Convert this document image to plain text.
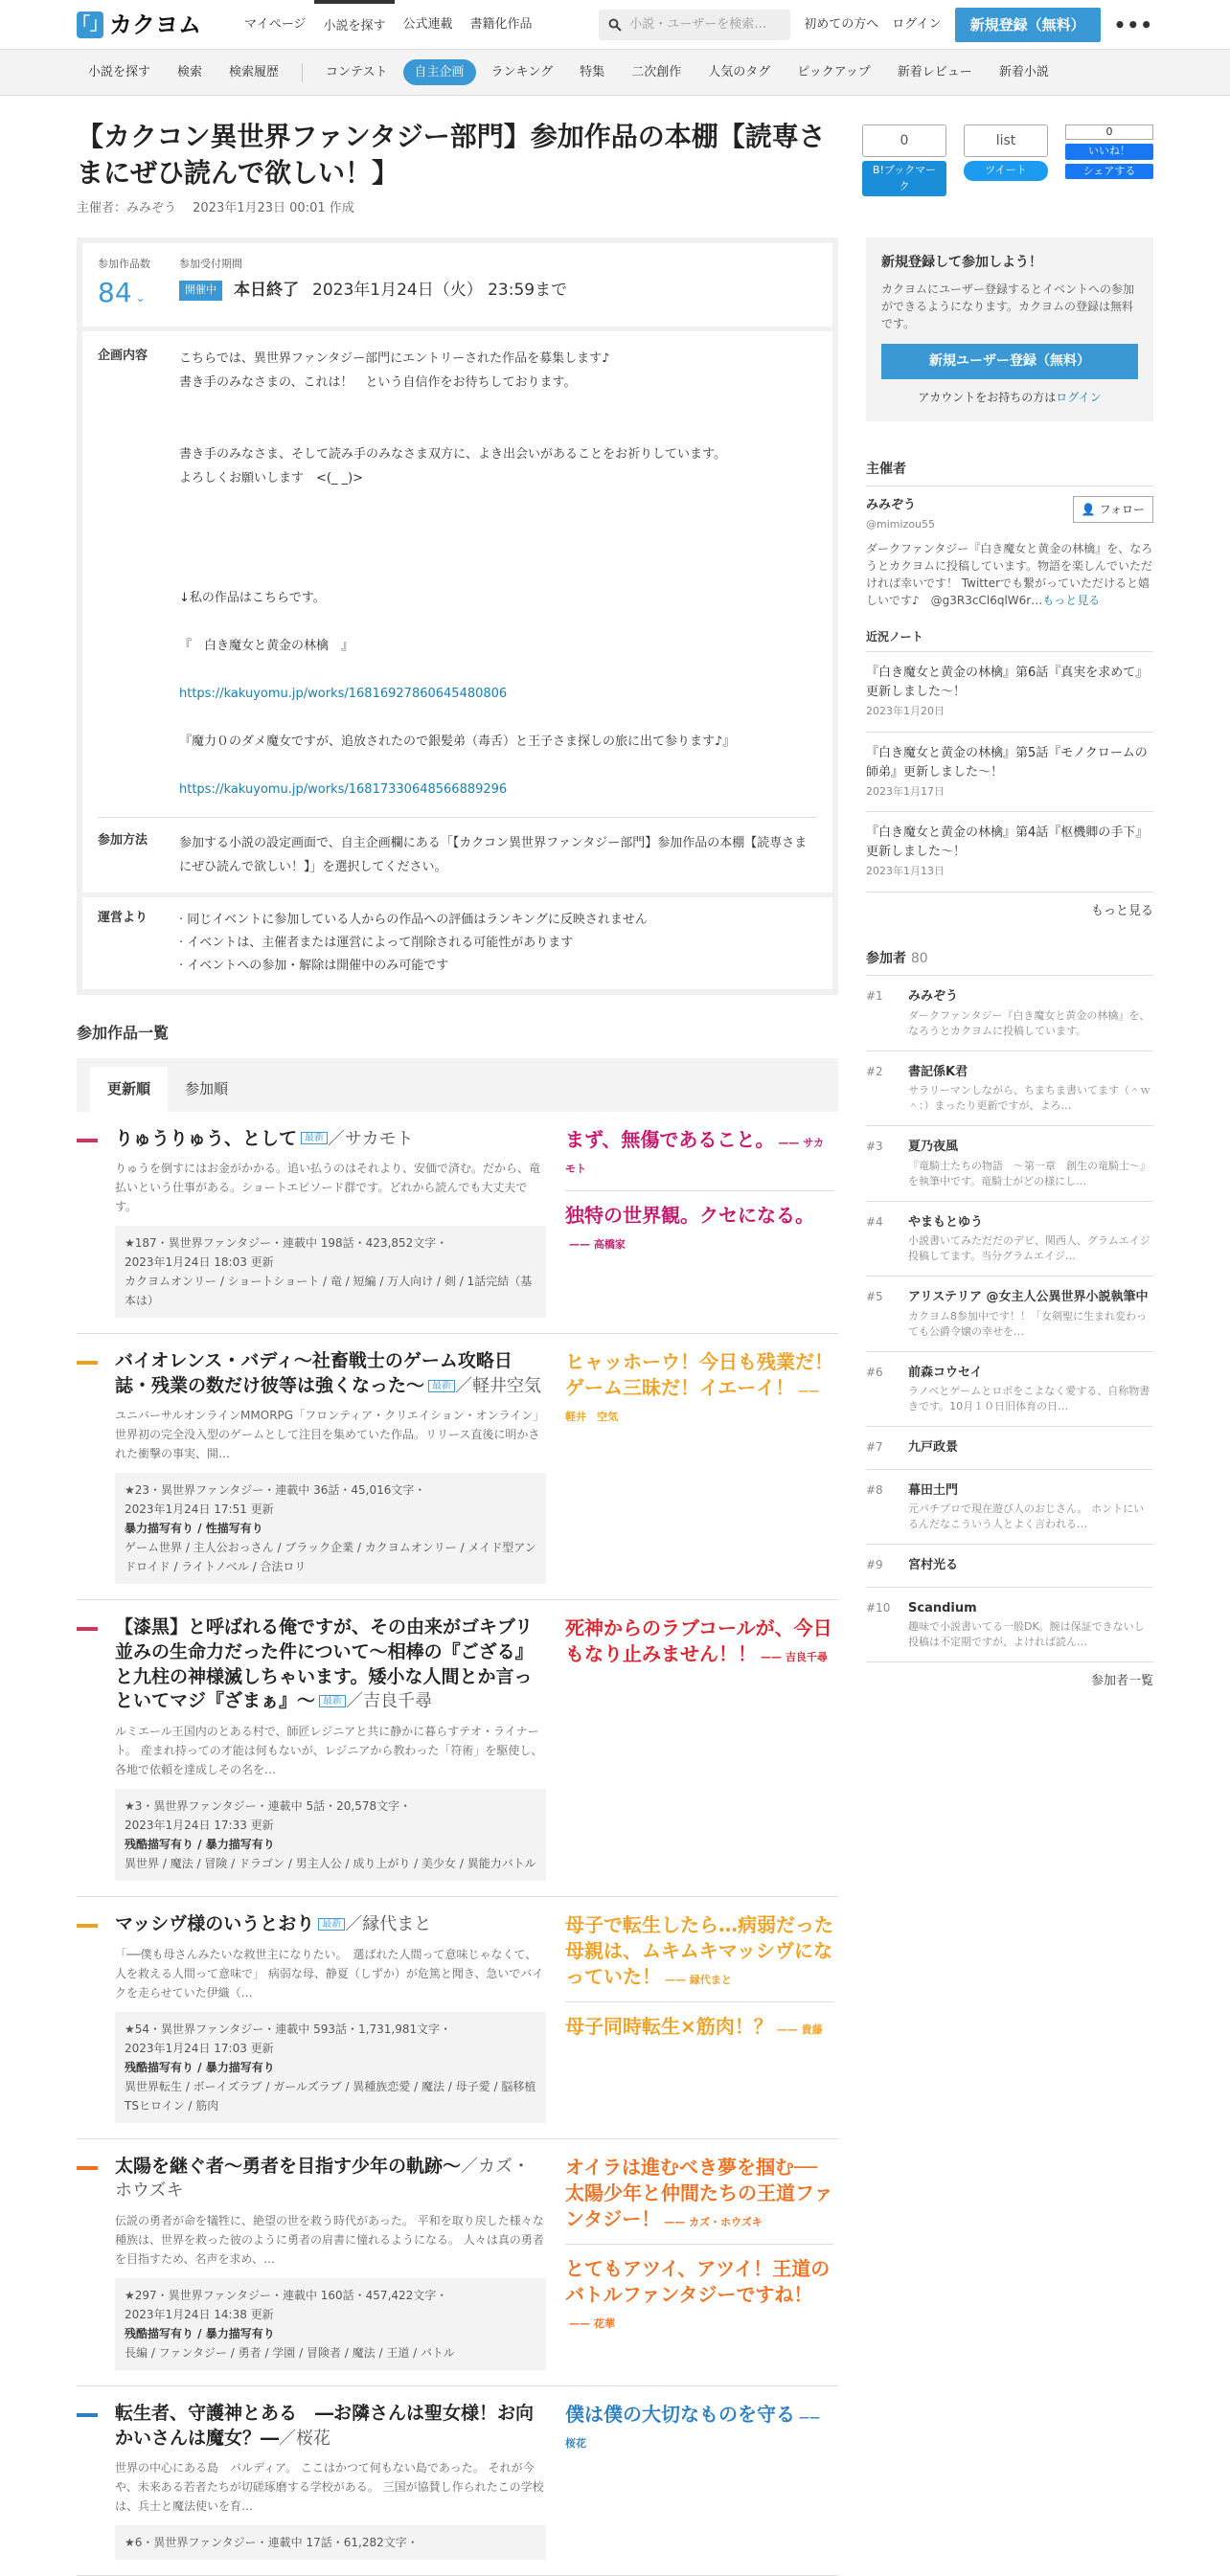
「」 カクヨム	マイページ	小説を探す	公式連載	書籍化作品	小説・ユーザーを検索…	初めての方へ ログイン	新規登録（無料）	•••
小説を探す	検索	検索履歴	コンテスト	自主企画	ランキング	特集	二次創作	人気のタグ	ピックアップ	新着レビュー	新着小説
【カクコン異世界ファンタジー部門】参加作品の本棚【読専さまにぜひ読んで欲しい！】
主催者：みみぞう　 2023年1月23日 00:01 作成
0
B!ブックマーク
list
ツイート
0
いいね！
シェアする
参加作品数
84 ⌄
参加受付期間
開催中	本日終了 2023年1月24日（火） 23:59まで
企画内容	こちらでは、異世界ファンタジー部門にエントリーされた作品を募集します♪
書き手のみなさまの、これは！　という自信作をお待ちしております。
書き手のみなさま、そして読み手のみなさま双方に、よき出会いがあることをお祈りしています。
よろしくお願いします　<(_ _)>
↓私の作品はこちらです。
『　白き魔女と黄金の林檎　』
https://kakuyomu.jp/works/16816927860645480806
『魔力０のダメ魔女ですが、追放されたので銀髪弟（毒舌）と王子さま探しの旅に出て参ります♪』
https://kakuyomu.jp/works/16817330648566889296
参加方法	参加する小説の設定画面で、自主企画欄にある「【カクコン異世界ファンタジー部門】参加作品の本棚【読専さまにぜひ読んで欲しい！】」を選択してください。
運営より	· 同じイベントに参加している人からの作品への評価はランキングに反映されません
· イベントは、主催者または運営によって削除される可能性があります
· イベントへの参加・解除は開催中のみ可能です
参加作品一覧
更新順	参加順
りゅうりゅう、として 最新 ／サカモト
りゅうを倒すにはお金がかかる。追い払うのはそれより、安価で済む。だから、竜払いという仕事がある。ショートエピソード群です。どれから読んでも大丈夫です。
★187・異世界ファンタジー・連載中 198話・423,852文字・
2023年1月24日 18:03 更新
カクヨムオンリー / ショートショート / 竜 / 短編 / 万人向け / 剣 / 1話完結（基本は）
まず、無傷であること。 —— サカモト
独特の世界観。クセになる。—— 高橋家
バイオレンス・バディ～社畜戦士のゲーム攻略日誌・残業の数だけ彼等は強くなった～ 最新 ／軽井空気
ユニバーサルオンラインMMORPG「フロンティア・クリエイション・オンライン」　世界初の完全没入型のゲームとして注目を集めていた作品。リリース直後に明かされた衝撃の事実、開…
★23・異世界ファンタジー・連載中 36話・45,016文字・
2023年1月24日 17:51 更新
暴力描写有り / 性描写有り
ゲーム世界 / 主人公おっさん / ブラック企業 / カクヨムオンリー / メイド型アンドロイド / ライトノベル / 合法ロリ
ヒャッホーウ！今日も残業だ！ゲーム三昧だ！イエーイ！ —— 軽井　空気
【漆黒】と呼ばれる俺ですが、その由来がゴキブリ並みの生命力だった件について～相棒の『ござる』と九柱の神様滅しちゃいます。矮小な人間とか言っといてマジ『ざまぁ』～ 最新 ／吉良千尋
ルミエール王国内のとある村で、師匠レジニアと共に静かに暮らすテオ・ライナート。 産まれ持っての才能は何もないが、レジニアから教わった「符術」を駆使し、各地で依頼を達成しその名を…
★3・異世界ファンタジー・連載中 5話・20,578文字・
2023年1月24日 17:33 更新
残酷描写有り / 暴力描写有り
異世界 / 魔法 / 冒険 / ドラゴン / 男主人公 / 成り上がり / 美少女 / 異能力バトル
死神からのラブコールが、今日もなり止みません！！ —— 吉良千尋
マッシヴ様のいうとおり 最新 ／縁代まと
「──僕も母さんみたいな救世主になりたい。　選ばれた人間って意味じゃなくて、人を救える人間って意味で」 病弱な母、静夏（しずか）が危篤と聞き、急いでバイクを走らせていた伊織（…
★54・異世界ファンタジー・連載中 593話・1,731,981文字・
2023年1月24日 17:03 更新
残酷描写有り / 暴力描写有り
異世界転生 / ボーイズラブ / ガールズラブ / 異種族恋愛 / 魔法 / 母子愛 / 脳移植TSヒロイン / 筋肉
母子で転生したら…病弱だった母親は、ムキムキマッシヴになっていた！ —— 縁代まと
母子同時転生×筋肉！？ —— 貴藤
太陽を継ぐ者～勇者を目指す少年の軌跡～／カズ・ホウズキ
伝説の勇者が命を犠牲に、絶望の世を救う時代があった。 平和を取り戻した様々な種族は、世界を救った彼のように勇者の肩書に憧れるようになる。 人々は真の勇者を目指すため、名声を求め、…
★297・異世界ファンタジー・連載中 160話・457,422文字・
2023年1月24日 14:38 更新
残酷描写有り / 暴力描写有り
長編 / ファンタジー / 勇者 / 学園 / 冒険者 / 魔法 / 王道 / バトル
オイラは進むべき夢を掴む──太陽少年と仲間たちの王道ファンタジー！ —— カズ・ホウズキ
とてもアツイ、アツイ！王道のバトルファンタジーですね！—— 花華
転生者、守護神とある　―お隣さんは聖女様！お向かいさんは魔女？―／桜花
世界の中心にある島　バルディア。 ここはかつて何もない島であった。 それが今や、未来ある若者たちが切磋琢磨する学校がある。 三国が協賛し作られたこの学校は、兵士と魔法使いを育…
★6・異世界ファンタジー・連載中 17話・61,282文字・
僕は僕の大切なものを守る —— 桜花
新規登録して参加しよう！
カクヨムにユーザー登録するとイベントへの参加ができるようになります。カクヨムの登録は無料です。
新規ユーザー登録（無料）
アカウントをお持ちの方はログイン
主催者
みみぞう
@mimizou55
👤 フォロー
ダークファンタジー『白き魔女と黄金の林檎』を、なろうとカクヨムに投稿しています。物語を楽しんでいただければ幸いです！ Twitterでも繋がっていただけると嬉しいです♪　@g3R3cCl6qlW6r…もっと見る
近況ノート
『白き魔女と黄金の林檎』第6話『真実を求めて』更新しました～！
2023年1月20日
『白き魔女と黄金の林檎』第5話『モノクロームの師弟』更新しました～！
2023年1月17日
『白き魔女と黄金の林檎』第4話『枢機卿の手下』更新しました～！
2023年1月13日
もっと見る
参加者 80
#1	みみぞう
ダークファンタジー『白き魔女と黄金の林檎』を、なろうとカクヨムに投稿しています。
#2	書記係K君
サラリーマンしながら、ちまちま書いてます（＾ｗ＾：）まったり更新ですが、よろ…
#3	夏乃夜風
『竜騎士たちの物語　〜第一章　創生の竜騎士〜』を執筆中です。竜騎士がどの様にし…
#4	やまもとゆう
小説書いてみただだのデビ、関西人、グラムエイジ投稿してます。当分グラムエイジ…
#5	アリステリア @女主人公異世界小説執筆中
カクヨム8参加中です！！「女剣聖に生まれ変わっても公爵令嬢の幸せを…
#6	前森コウセイ
ラノベとゲームとロボをこよなく愛する、自称物書きです。10月１０日旧体育の日…
#7	九戸政景
#8	幕田土門
元パチプロで現在遊び人のおじさん。 ホントにいるんだなこういう人とよく言われる…
#9	宮村光る
#10	Scandium
趣味で小説書いてる一般DK。腕は保証できないし投稿は不定期ですが、よければ読ん…
参加者一覧
